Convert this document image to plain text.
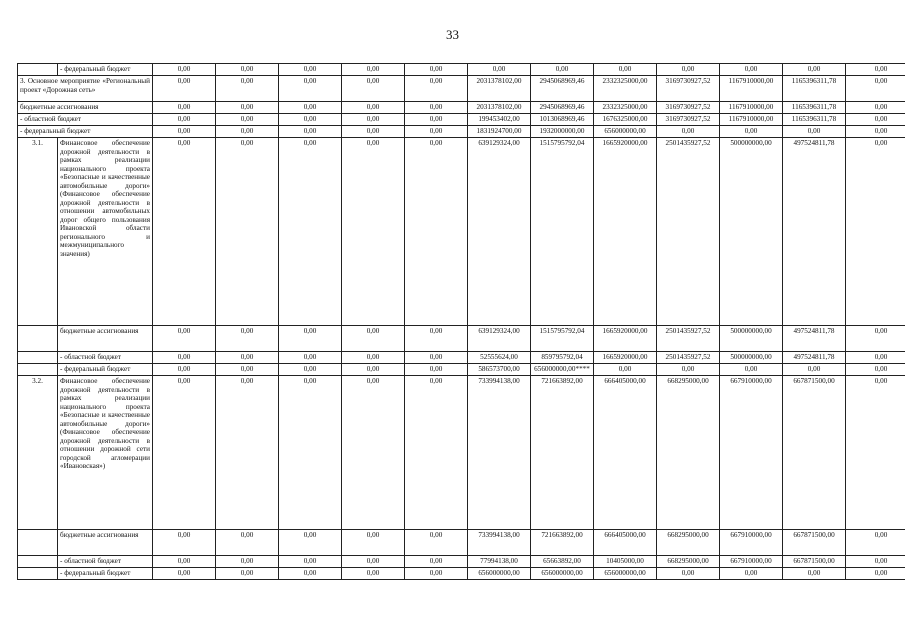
33
	- федеральный бюджет	0,00	0,00	0,00	0,00	0,00	0,00	0,00	0,00	0,00	0,00	0,00	0,00
3. Основное мероприятие «Региональный проект «Дорожная сеть»		0,00	0,00	0,00	0,00	0,00	2031378102,00	2945068969,46	2332325000,00	3169730927,52	1167910000,00	1165396311,78	0,00
бюджетные ассигнования		0,00	0,00	0,00	0,00	0,00	2031378102,00	2945068969,46	2332325000,00	3169730927,52	1167910000,00	1165396311,78	0,00
- областной бюджет		0,00	0,00	0,00	0,00	0,00	199453402,00	1013068969,46	1676325000,00	3169730927,52	1167910000,00	1165396311,78	0,00
- федеральный бюджет		0,00	0,00	0,00	0,00	0,00	1831924700,00	1932000000,00	656000000,00	0,00	0,00	0,00	0,00
3.1.	Финансовое обеспечение дорожной деятельности в рамках реализации национального проекта «Безопасные и качественные автомобильные дороги» (Финансовое обеспечение дорожной деятельности в отношении автомобильных дорог общего пользования Ивановской области регионального и межмуниципального значения)	0,00	0,00	0,00	0,00	0,00	639129324,00	1515795792,04	1665920000,00	2501435927,52	500000000,00	497524811,78	0,00
	бюджетные ассигнования	0,00	0,00	0,00	0,00	0,00	639129324,00	1515795792,04	1665920000,00	2501435927,52	500000000,00	497524811,78	0,00
	- областной бюджет	0,00	0,00	0,00	0,00	0,00	52555624,00	859795792,04	1665920000,00	2501435927,52	500000000,00	497524811,78	0,00
	- федеральный бюджет	0,00	0,00	0,00	0,00	0,00	586573700,00	656000000,00****	0,00	0,00	0,00	0,00	0,00
3.2.	Финансовое обеспечение дорожной деятельности в рамках реализации национального проекта «Безопасные и качественные автомобильные дороги» (Финансовое обеспечение дорожной деятельности в отношении дорожной сети городской агломерации «Ивановская»)	0,00	0,00	0,00	0,00	0,00	733994138,00	721663892,00	666405000,00	668295000,00	667910000,00	667871500,00	0,00
	бюджетные ассигнования	0,00	0,00	0,00	0,00	0,00	733994138,00	721663892,00	666405000,00	668295000,00	667910000,00	667871500,00	0,00
	- областной бюджет	0,00	0,00	0,00	0,00	0,00	77994138,00	65663892,00	10405000,00	668295000,00	667910000,00	667871500,00	0,00
	- федеральный бюджет	0,00	0,00	0,00	0,00	0,00	656000000,00	656000000,00	656000000,00	0,00	0,00	0,00	0,00
